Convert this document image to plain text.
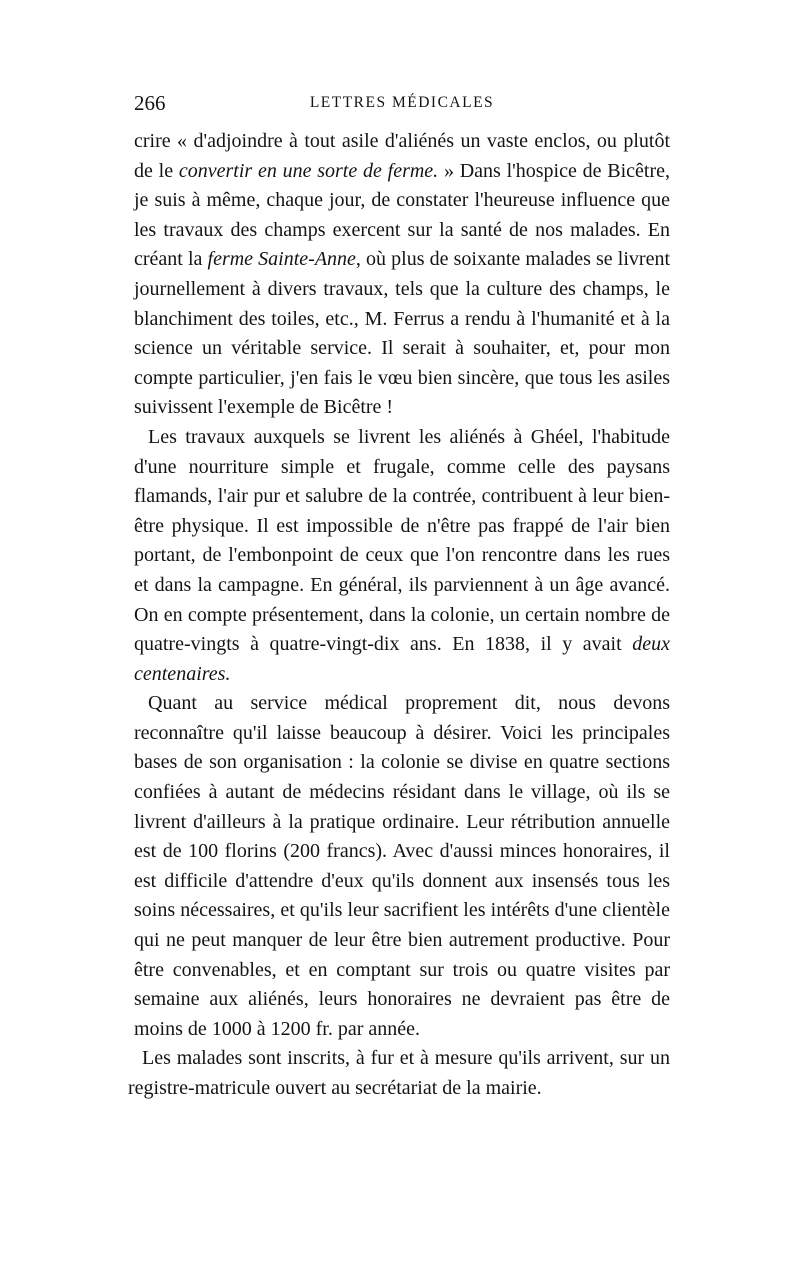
266	LETTRES MÉDICALES

crire « d'adjoindre à tout asile d'aliénés un vaste enclos, ou plutôt de le convertir en une sorte de ferme. » Dans l'hospice de Bicêtre, je suis à même, chaque jour, de constater l'heureuse influence que les travaux des champs exercent sur la santé de nos malades. En créant la ferme Sainte-Anne, où plus de soixante malades se livrent journellement à divers travaux, tels que la culture des champs, le blanchiment des toiles, etc., M. Ferrus a rendu à l'humanité et à la science un véritable service. Il serait à souhaiter, et, pour mon compte particulier, j'en fais le vœu bien sincère, que tous les asiles suivissent l'exemple de Bicêtre !

Les travaux auxquels se livrent les aliénés à Ghéel, l'habitude d'une nourriture simple et frugale, comme celle des paysans flamands, l'air pur et salubre de la contrée, contribuent à leur bien-être physique. Il est impossible de n'être pas frappé de l'air bien portant, de l'embonpoint de ceux que l'on rencontre dans les rues et dans la campagne. En général, ils parviennent à un âge avancé. On en compte présentement, dans la colonie, un certain nombre de quatre-vingts à quatre-vingt-dix ans. En 1838, il y avait deux centenaires.

Quant au service médical proprement dit, nous devons reconnaître qu'il laisse beaucoup à désirer. Voici les principales bases de son organisation : la colonie se divise en quatre sections confiées à autant de médecins résidant dans le village, où ils se livrent d'ailleurs à la pratique ordinaire. Leur rétribution annuelle est de 100 florins (200 francs). Avec d'aussi minces honoraires, il est difficile d'attendre d'eux qu'ils donnent aux insensés tous les soins nécessaires, et qu'ils leur sacrifient les intérêts d'une clientèle qui ne peut manquer de leur être bien autrement productive. Pour être convenables, et en comptant sur trois ou quatre visites par semaine aux aliénés, leurs honoraires ne devraient pas être de moins de 1000 à 1200 fr. par année.

Les malades sont inscrits, à fur et à mesure qu'ils arrivent, sur un registre-matricule ouvert au secrétariat de la mairie.
